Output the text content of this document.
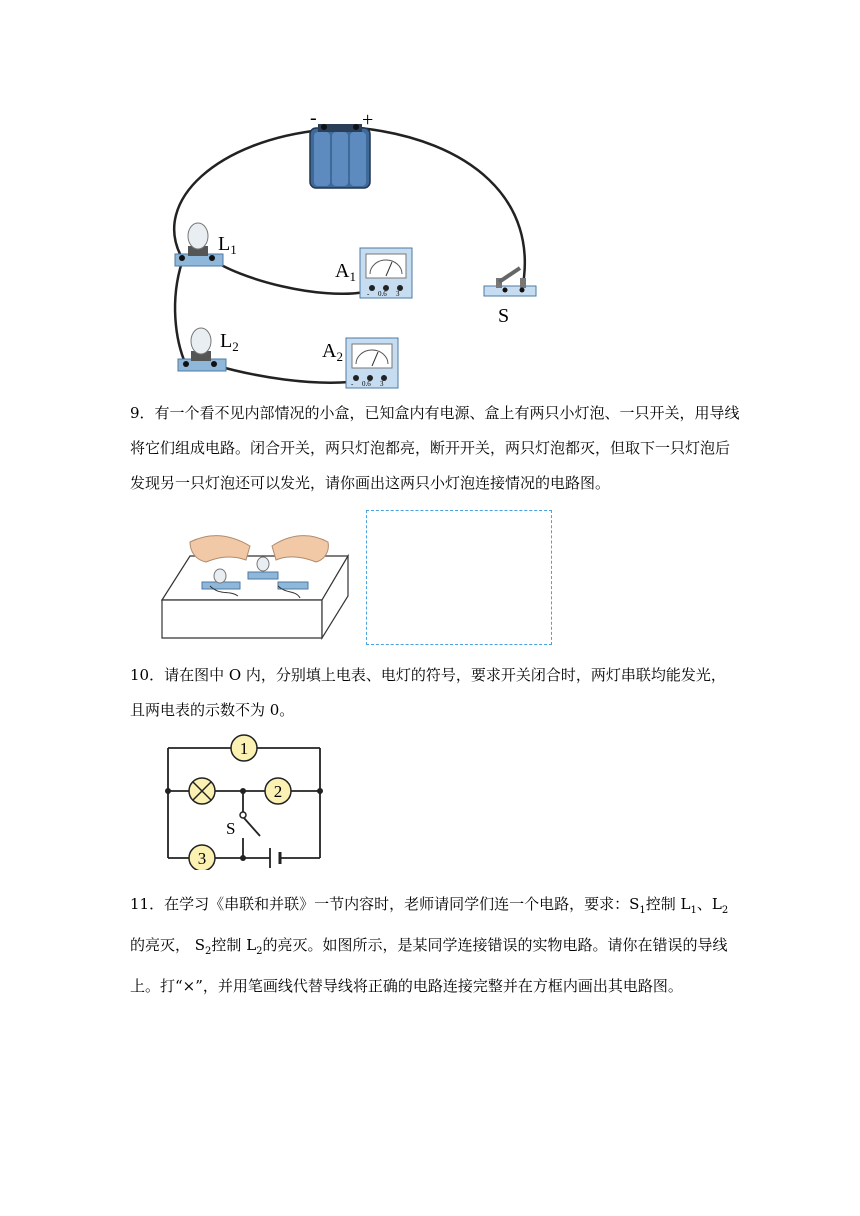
- +
$L_1$
$L_2$
- 0.6 3
$A_1$
- 0.6 3
$A_2$
S
9．有一个看不见内部情况的小盒，已知盒内有电源、盒上有两只小灯泡、一只开关，用导线将它们组成电路。闭合开关，两只灯泡都亮，断开开关，两只灯泡都灭，但取下一只灯泡后发现另一只灯泡还可以发光，请你画出这两只小灯泡连接情况的电路图。
10．请在图中 O 内，分别填上电表、电灯的符号，要求开关闭合时，两灯串联均能发光，且两电表的示数不为 0。
1
2
3
S
11．在学习《串联和并联》一节内容时，老师请同学们连一个电路，要求：$S_1$控制 $L_1$、$L_2$的亮灭， $S_2$控制 $L_2$的亮灭。如图所示，是某同学连接错误的实物电路。请你在错误的导线上。打“×”，并用笔画线代替导线将正确的电路连接完整并在方框内画出其电路图。
